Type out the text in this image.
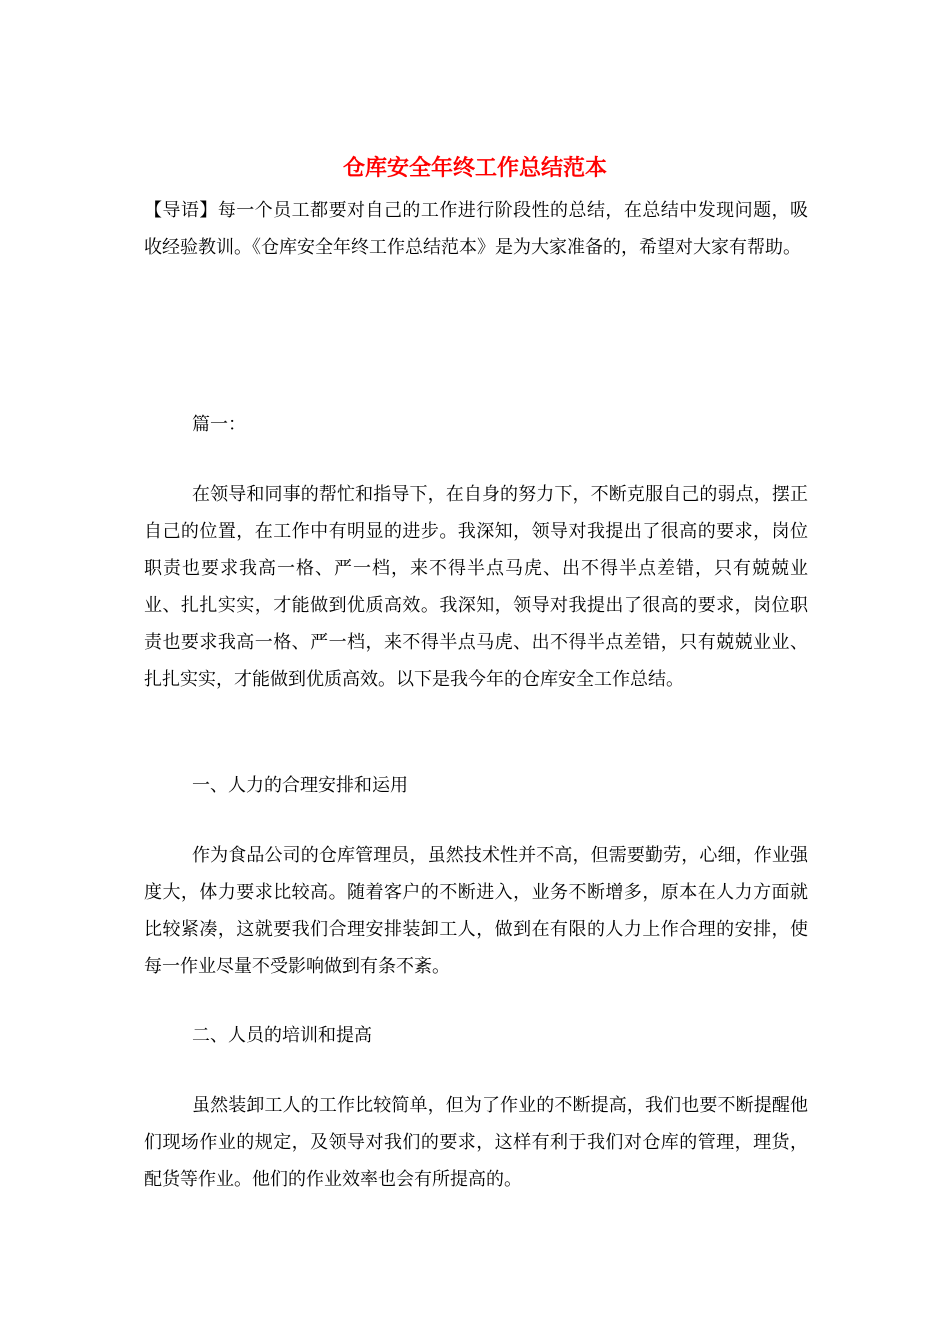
仓库安全年终工作总结范本

【导语】每一个员工都要对自己的工作进行阶段性的总结，在总结中发现问题，吸收经验教训。《仓库安全年终工作总结范本》是为大家准备的，希望对大家有帮助。

篇一：

在领导和同事的帮忙和指导下，在自身的努力下，不断克服自己的弱点，摆正自己的位置，在工作中有明显的进步。我深知，领导对我提出了很高的要求，岗位职责也要求我高一格、严一档，来不得半点马虎、出不得半点差错，只有兢兢业业、扎扎实实，才能做到优质高效。我深知，领导对我提出了很高的要求，岗位职责也要求我高一格、严一档，来不得半点马虎、出不得半点差错，只有兢兢业业、扎扎实实，才能做到优质高效。以下是我今年的仓库安全工作总结。

一、人力的合理安排和运用

作为食品公司的仓库管理员，虽然技术性并不高，但需要勤劳，心细，作业强度大，体力要求比较高。随着客户的不断进入，业务不断增多，原本在人力方面就比较紧凑，这就要我们合理安排装卸工人，做到在有限的人力上作合理的安排，使每一作业尽量不受影响做到有条不紊。

二、人员的培训和提高

虽然装卸工人的工作比较简单，但为了作业的不断提高，我们也要不断提醒他们现场作业的规定，及领导对我们的要求，这样有利于我们对仓库的管理，理货，配货等作业。他们的作业效率也会有所提高的。
